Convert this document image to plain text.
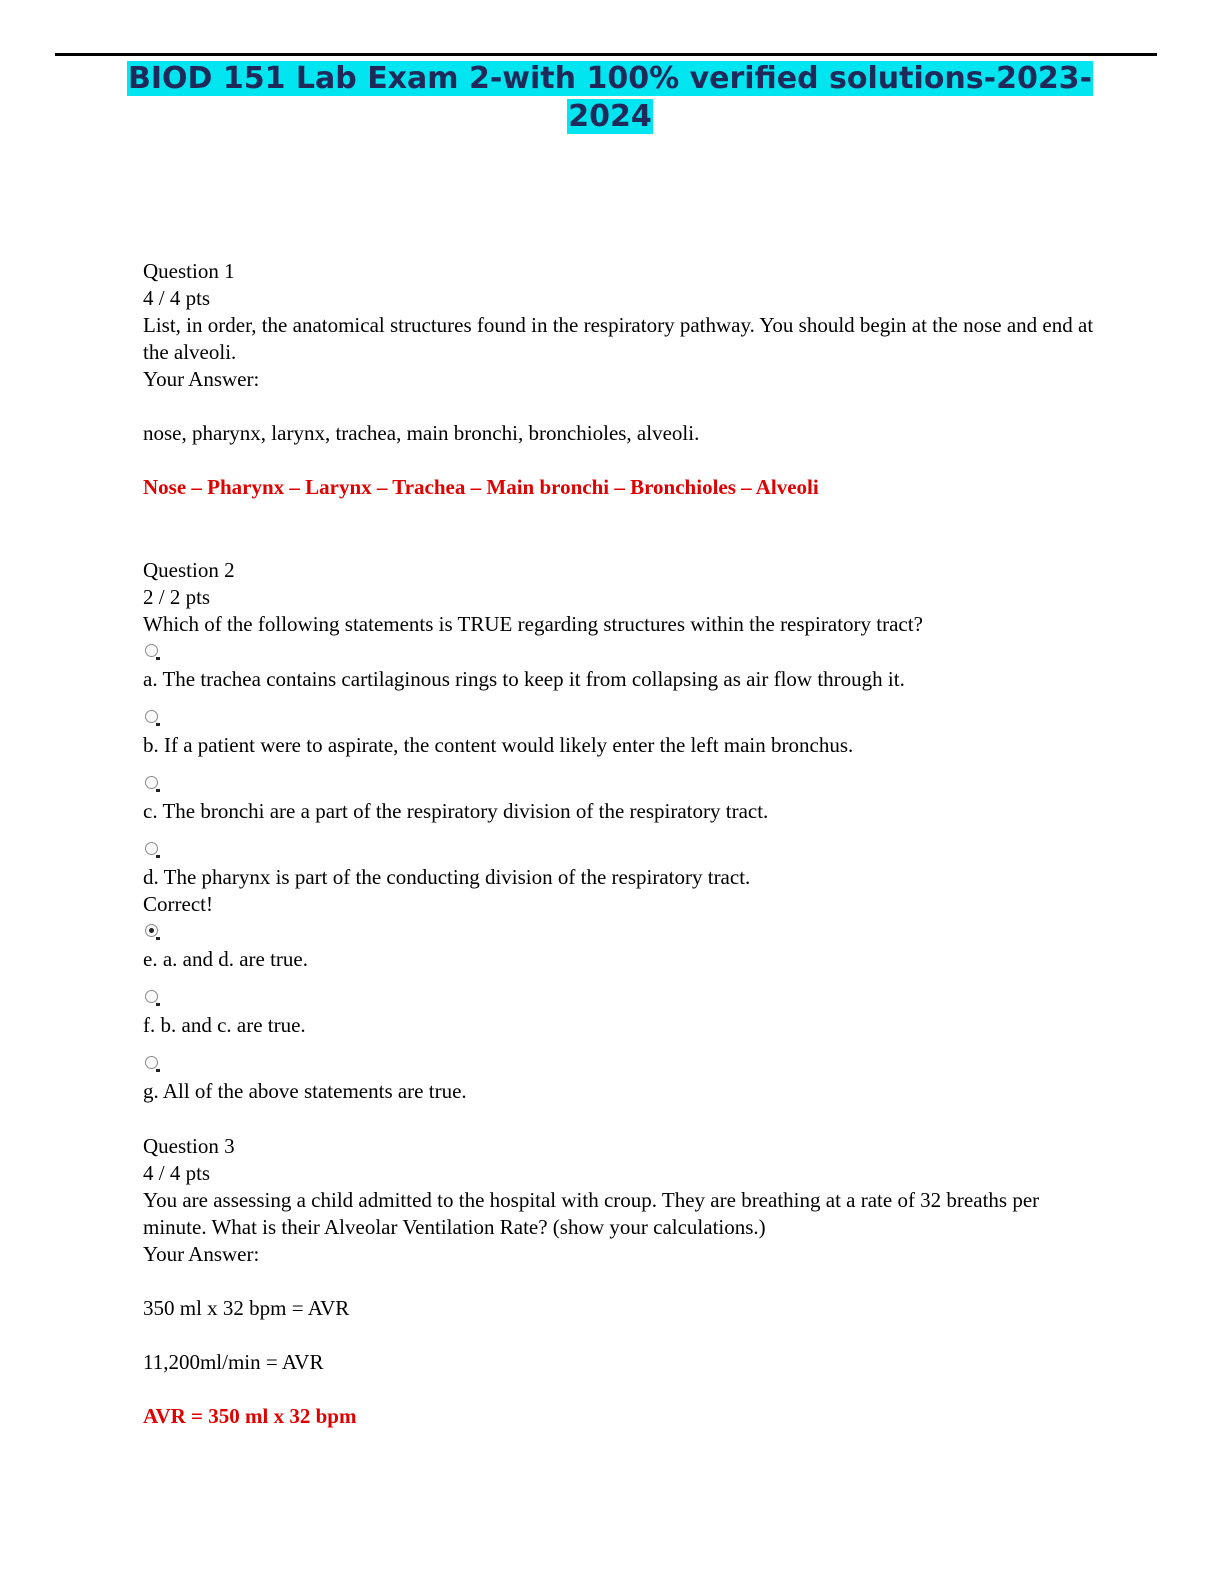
BIOD 151 Lab Exam 2-with 100% verified solutions-2023-
2024
Question 1
4 / 4 pts
List, in order, the anatomical structures found in the respiratory pathway. You should begin at the nose and end at the alveoli.
Your Answer:
nose, pharynx, larynx, trachea, main bronchi, bronchioles, alveoli.
Nose – Pharynx – Larynx – Trachea – Main bronchi – Bronchioles – Alveoli
Question 2
2 / 2 pts
Which of the following statements is TRUE regarding structures within the respiratory tract?
a. The trachea contains cartilaginous rings to keep it from collapsing as air flow through it.
b. If a patient were to aspirate, the content would likely enter the left main bronchus.
c. The bronchi are a part of the respiratory division of the respiratory tract.
d. The pharynx is part of the conducting division of the respiratory tract.
Correct!
e. a. and d. are true.
f. b. and c. are true.
g. All of the above statements are true.
Question 3
4 / 4 pts
You are assessing a child admitted to the hospital with croup. They are breathing at a rate of 32 breaths per minute. What is their Alveolar Ventilation Rate? (show your calculations.)
Your Answer:
350 ml x 32 bpm = AVR
11,200ml/min = AVR
AVR = 350 ml x 32 bpm
